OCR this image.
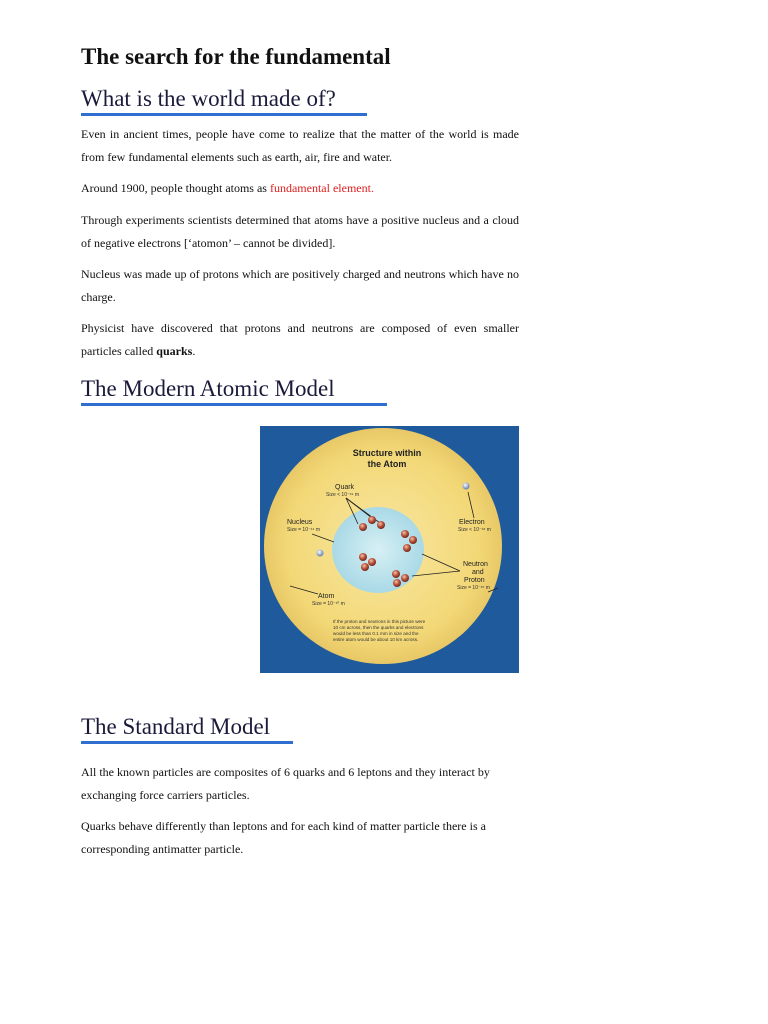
The search for the fundamental
What is the world made of?
Even in ancient times, people have come to realize that the matter of the world is made from few fundamental elements such as earth, air, fire and water.
Around 1900, people thought atoms as fundamental element.
Through experiments scientists determined that atoms have a positive nucleus and a cloud of negative electrons [‘atomon’ – cannot be divided].
Nucleus was made up of protons which are positively charged and neutrons which have no charge.
Physicist have discovered that protons and neutrons are composed of even smaller particles called quarks.
The Modern Atomic Model
Structure within
the Atom
Quark
Size < 10⁻¹⁹ m
Nucleus
Size = 10⁻¹⁴ m
Electron
Size < 10⁻¹⁸ m
Neutron
and
Proton
Size = 10⁻¹⁵ m
Atom
Size = 10⁻¹⁰ m
If the proton and neutrons in this picture were
10 cm across, then the quarks and electrons
would be less than 0.1 mm in size and the
entire atom would be about 10 km across.
The Standard Model
All the known particles are composites of 6 quarks and 6 leptons and they interact by exchanging force carriers particles.
Quarks behave differently than leptons and for each kind of matter particle there is a corresponding antimatter particle.
